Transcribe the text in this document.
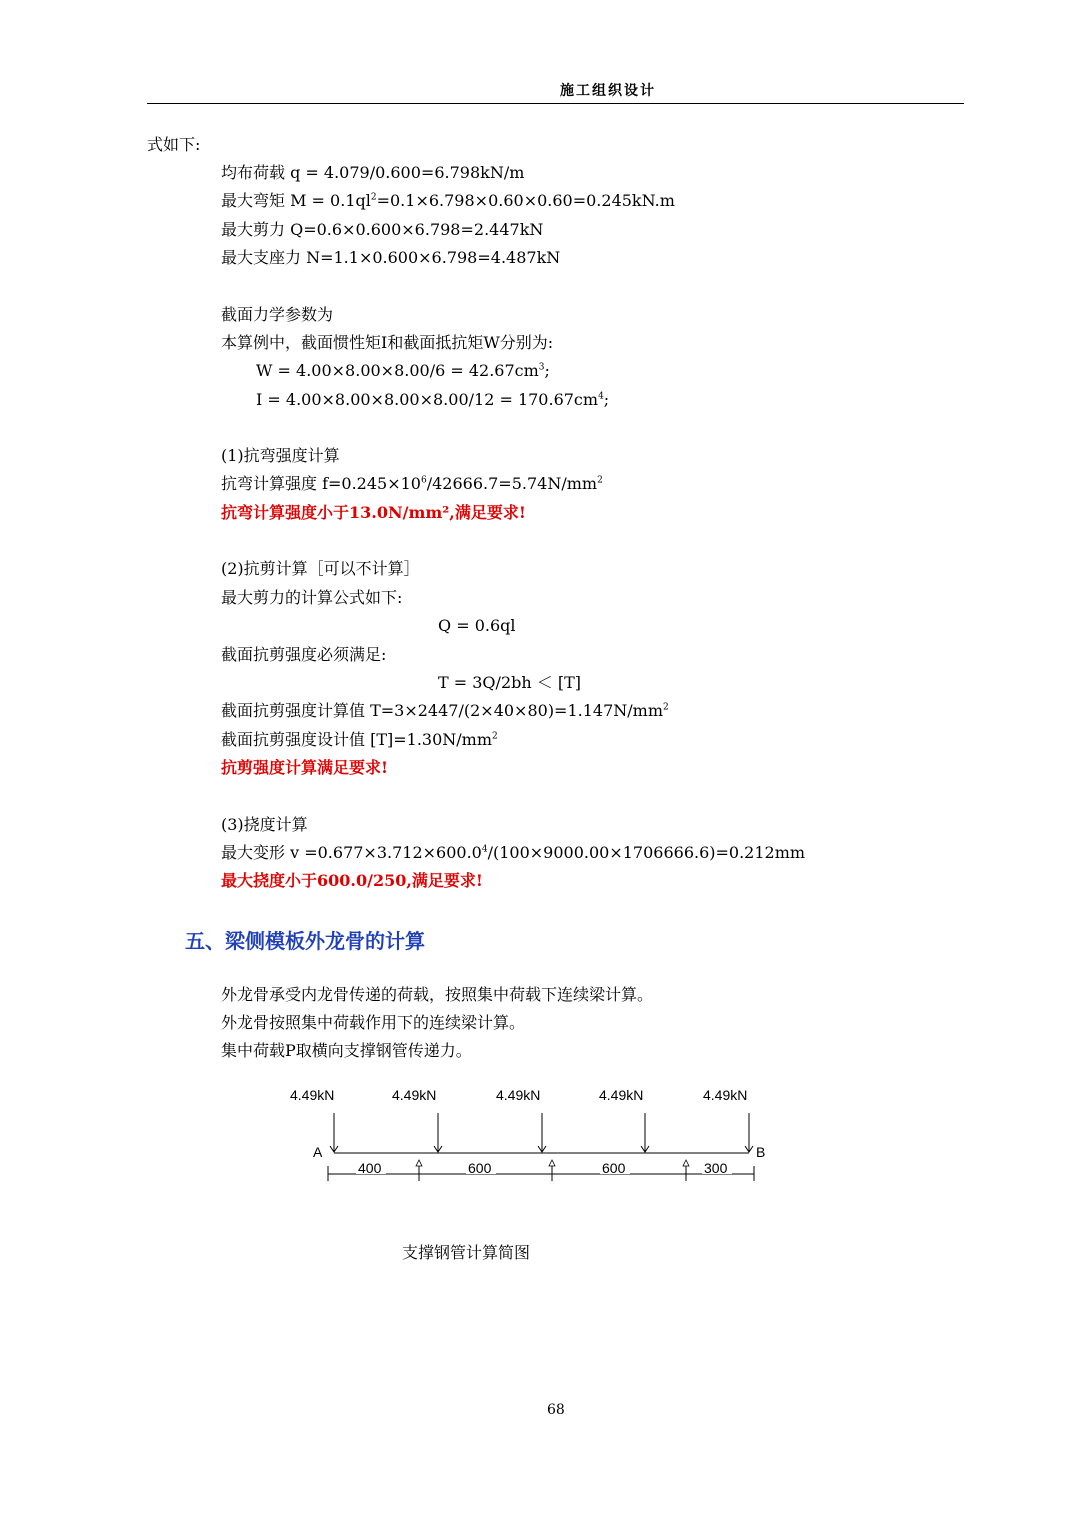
施工组织设计
式如下:
均布荷载 q = 4.079/0.600=6.798kN/m
最大弯矩 $M = 0.1ql^2=0.1\times 6.798\times 0.60\times 0.60=0.245kN.m$
最大剪力 Q=0.6×0.600×6.798=2.447kN
最大支座力 N=1.1×0.600×6.798=4.487kN
截面力学参数为
本算例中，截面惯性矩I和截面抵抗矩W分别为:
$W = 4.00\times 8.00\times 8.00/6 = 42.67cm^3$;
$I = 4.00\times 8.00\times 8.00\times 8.00/12 = 170.67cm^4$;
(1)抗弯强度计算
抗弯计算强度 $f=0.245\times 10^6/42666.7=5.74N/mm^2$
抗弯计算强度小于13.0N/mm²,满足要求!
(2)抗剪计算［可以不计算］
最大剪力的计算公式如下:
Q = 0.6ql
截面抗剪强度必须满足:
T = 3Q/2bh ＜ [T]
截面抗剪强度计算值 $T=3\times 2447/(2\times 40\times 80)=1.147N/mm^2$
截面抗剪强度设计值 $[T]=1.30N/mm^2$
抗剪强度计算满足要求!
(3)挠度计算
最大变形 $v =0.677\times 3.712\times 600.0^4/(100\times 9000.00\times 1706666.6)=0.212mm$
最大挠度小于600.0/250,满足要求!
五、梁侧模板外龙骨的计算
外龙骨承受内龙骨传递的荷载，按照集中荷载下连续梁计算。
外龙骨按照集中荷载作用下的连续梁计算。
集中荷载P取横向支撑钢管传递力。
4.49kN	4.49kN	4.49kN	4.49kN	4.49kN
A	B
400	600	600	300
支撑钢管计算简图
68
